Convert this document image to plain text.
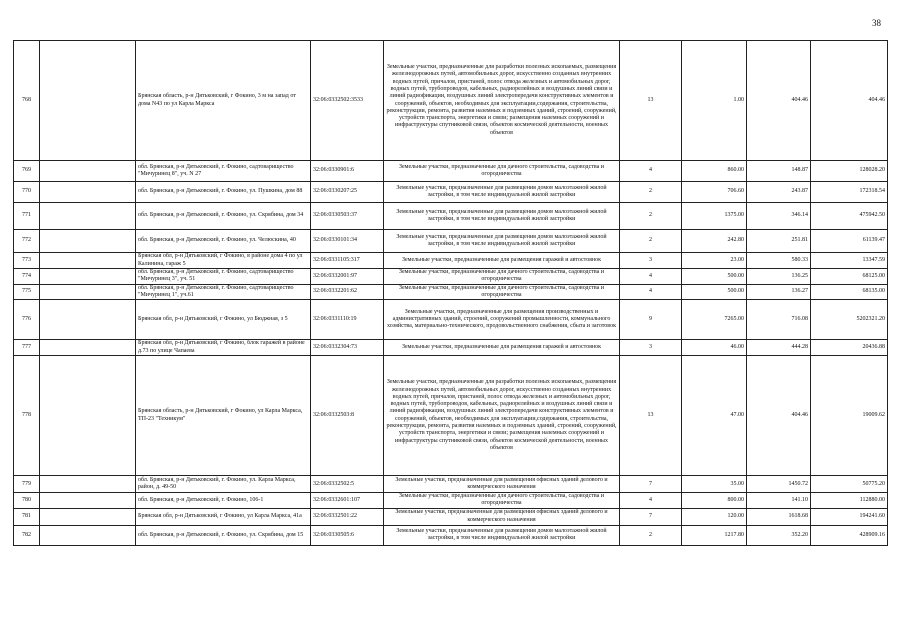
38
768		Брянская область, р-н Дятьковский, г Фокино, 3 м на запад от дома N43 по ул Карла Маркса	32:06:0332502:3533	Земельные участки, предназначенные для разработки полезных ископаемых, размещения железнодорожных путей, автомобильных дорог, искусственно созданных внутренних водных путей, причалов, пристаней, полос отвода железных и автомобильных дорог, водных путей, трубопроводов, кабельных, радиорелейных и воздушных линий связи и линий радиофикации, воздушных линий электропередачи конструктивных элементов и сооружений, объектов, необходимых для эксплуатации,содержания, строительства, реконструкции, ремонта, развития наземных и подземных зданий, строений, сооружений, устройств транспорта, энергетики и связи; размещения наземных сооружений и инфраструктуры спутниковой связи, объектов космической деятельности, военных объектов	13	1.00	404.46	404.46
769		обл. Брянская, р-н Дятьковский, г. Фокино, садтоварищество "Мичуринец 8", уч. N 27	32:06:0330901:6	Земельные участки, предназначенные для дачного строительства, садоводства и огородничества	4	860.00	148.87	128028.20
770		обл. Брянская, р-н Дятьковский, г. Фокино, ул. Пушкина, дом 88	32:06:0330207:25	Земельные участки, предназначенные для размещения домов малоэтажной жилой застройки, в том числе индивидуальной жилой застройки	2	706.60	243.87	172318.54
771		обл. Брянская, р-н Дятьковский, г. Фокино, ул. Скрябина, дом 34	32:06:0330503:37	Земельные участки, предназначенные для размещения домов малоэтажной жилой застройки, в том числе индивидуальной жилой застройки	2	1375.00	346.14	475942.50
772		обл. Брянская, р-н Дятьковский, г. Фокино, ул. Челюскина, 40	32:06:0330101:34	Земельные участки, предназначенные для размещения домов малоэтажной жилой застройки, в том числе индивидуальной жилой застройки	2	242.80	251.81	61139.47
773		Брянская обл, р-н Дятьковский, г Фокино, в районе дома 4 по ул Калинина, гараж 5	32:06:0331105:317	Земельные участки, предназначенные для размещения гаражей и автостоянок	3	23.00	580.33	13347.59
774		обл. Брянская, р-н Дятьковский, г. Фокино, садтоварищество "Мичуринец 3", уч. 51	32:06:0332001:97	Земельные участки, предназначенные для дачного строительства, садоводства и огородничества	4	500.00	136.25	68125.00
775		обл. Брянская, р-н Дятьковский, г. Фокино, садтоварищество "Мичуринец 1", уч.61	32:06:0332201:62	Земельные участки, предназначенные для дачного строительства, садоводства и огородничества	4	500.00	136.27	68135.00
776		Брянская обл, р-н Дятьковский, г Фокино, ул Бюджная, з 5	32:06:0331110:19	Земельные участки, предназначенные для размещения производственных и административных зданий, строений, сооружений промышленности, коммунального хозяйства, материально-технического, продовольственного снабжения, сбыта и заготовок	9	7265.00	716.08	5202321.20
777		Брянская обл, р-н Дятьковский, г Фокино, блок гаражей в районе д.73 по улице Чапаева	32:06:0332304:73	Земельные участки, предназначенные для размещения гаражей и автостоянок	3	46.00	444.28	20436.88
778		Брянская область, р-н Дятьковский, г Фокино, ул Карла Маркса, ТП-23 "Техникум"	32:06:0332503:8	Земельные участки, предназначенные для разработки полезных ископаемых, размещения железнодорожных путей, автомобильных дорог, искусственно созданных внутренних водных путей, причалов, пристаней, полос отвода железных и автомобильных дорог, водных путей, трубопроводов, кабельных, радиорелейных и воздушных линий связи и линий радиофикации, воздушных линий электропередачи конструктивных элементов и сооружений, объектов, необходимых для эксплуатации,содержания, строительства, реконструкции, ремонта, развития наземных и подземных зданий, строений, сооружений, устройств транспорта, энергетики и связи; размещения наземных сооружений и инфраструктуры спутниковой связи, объектов космической деятельности, военных объектов	13	47.00	404.46	19009.62
779		обл. Брянская, р-н Дятьковский, г. Фокино, ул. Карла Маркса, район, д. 49-50	32:06:0332502:5	Земельные участки, предназначенные для размещения офисных зданий делового и коммерческого назначения	7	35.00	1450.72	50775.20
780		обл. Брянская, р-н Дятьковский, г. Фокино, 106-1	32:06:0332601:107	Земельные участки, предназначенные для дачного строительства, садоводства и огородничества	4	800.00	141.10	112880.00
781		Брянская обл, р-н Дятьковский, г Фокино, ул Карла Маркса, 41а	32:06:0332501:22	Земельные участки, предназначенные для размещения офисных зданий делового и коммерческого назначения	7	120.00	1618.68	194241.60
782		обл. Брянская, р-н Дятьковский, г. Фокино, ул. Скрябина, дом 15	32:06:0330505:6	Земельные участки, предназначенные для размещения домов малоэтажной жилой застройки, в том числе индивидуальной жилой застройки	2	1217.80	352.20	428909.16
